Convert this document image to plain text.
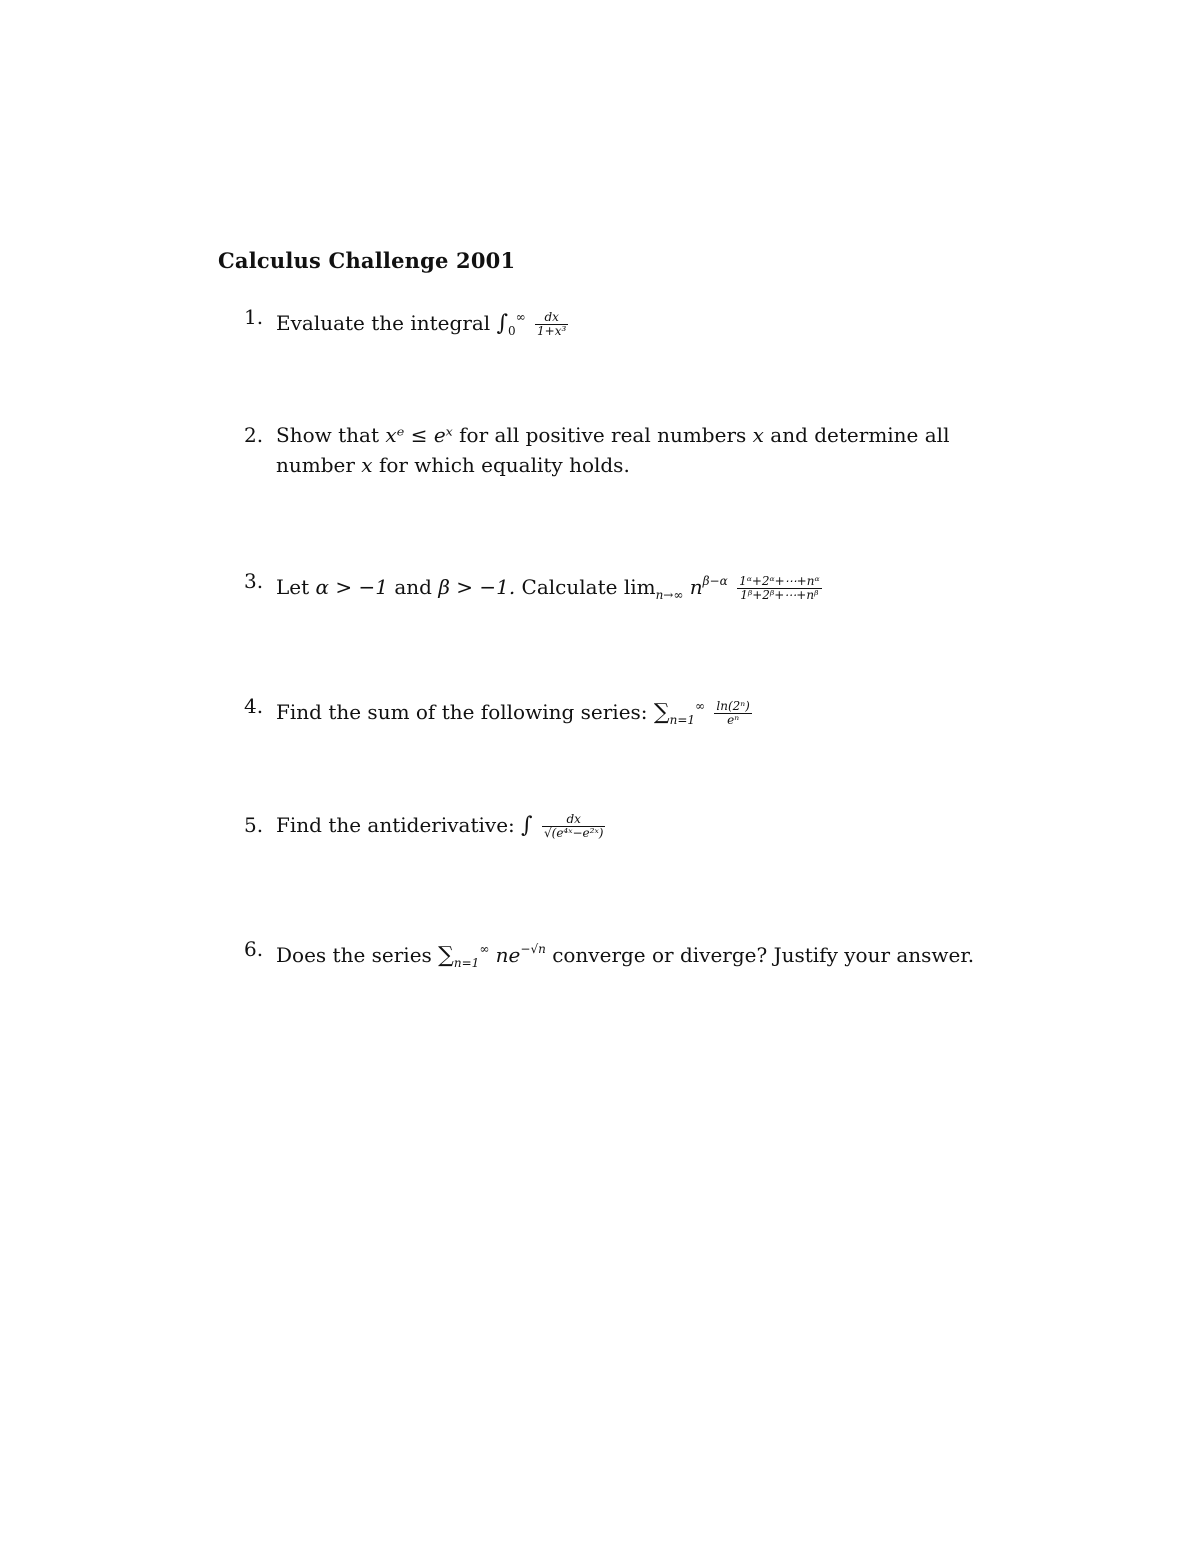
Calculus Challenge 2001
1. Evaluate the integral $\int_0^\infty \frac{dx}{\text{1+x³}}$
2. Show that xᵉ ≤ eˣ for all positive real numbers x and determine all number x for which equality holds.
3. Let α > −1 and β > −1. Calculate $\lim_{n\to\infty} n^{\beta-\alpha} \frac{\text{1ᵅ+2ᵅ+⋯+nᵅ}}{\text{1ᵝ+2ᵝ+⋯+nᵝ}}$
4. Find the sum of the following series: $\sum_{n=1}^\infty \frac{\text{ln(2ⁿ)}}{\text{eⁿ}}$
5. Find the antiderivative: ∫ $\frac{dx}{\text{√(e⁴ˣ−e²ˣ)}}$
6. Does the series $\sum_{n=1}^\infty$ $ne^{-√n}$ converge or diverge? Justify your answer.
